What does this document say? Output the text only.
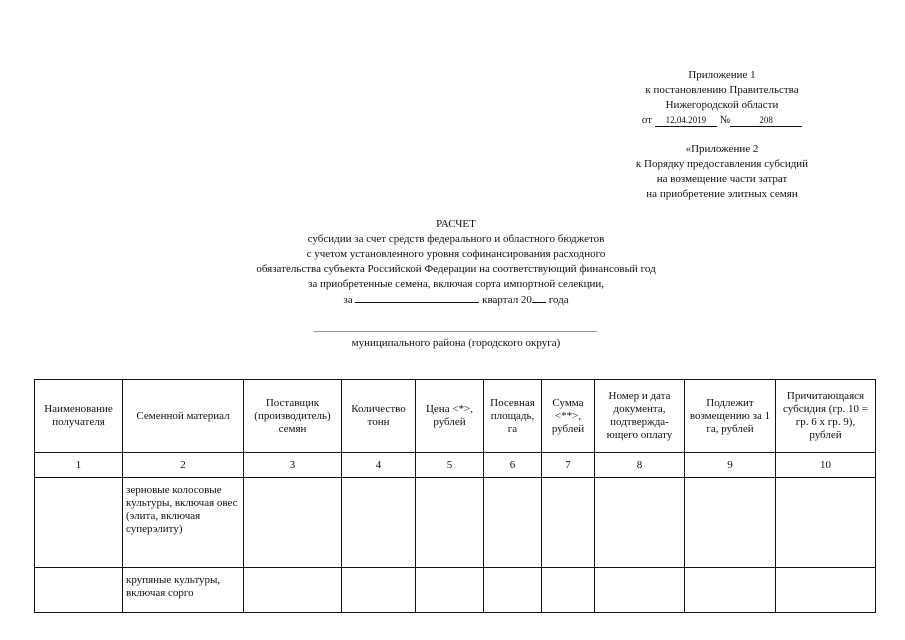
Приложение 1
к постановлению Правительства
Нижегородской области
от 12.04.2019 №	208
«Приложение 2
к Порядку предоставления субсидий
на возмещение части затрат
на приобретение элитных семян
РАСЧЕТ
субсидии за счет средств федерального и областного бюджетов
с учетом установленного уровня софинансирования расходного
обязательства субъекта Российской Федерации на соответствующий финансовый год
за приобретенные семена, включая сорта импортной селекции,
за	квартал 20 года
муниципального района (городского округа)
Наименование получателя	Семенной материал	Поставщик (производитель) семян	Количество тонн	Цена <*>, рублей	Посевная площадь, га	Сумма <**>, рублей	Номер и дата документа, подтвержда-ющего оплату	Подлежит возмещению за 1 га, рублей	Причитающаяся субсидия (гр. 10 = гр. 6 x гр. 9), рублей
1	2	3	4	5	6	7	8	9	10
	зерновые колосовые культуры, включая овес (элита, включая суперэлиту)								
	крупяные культуры, включая сорго								
